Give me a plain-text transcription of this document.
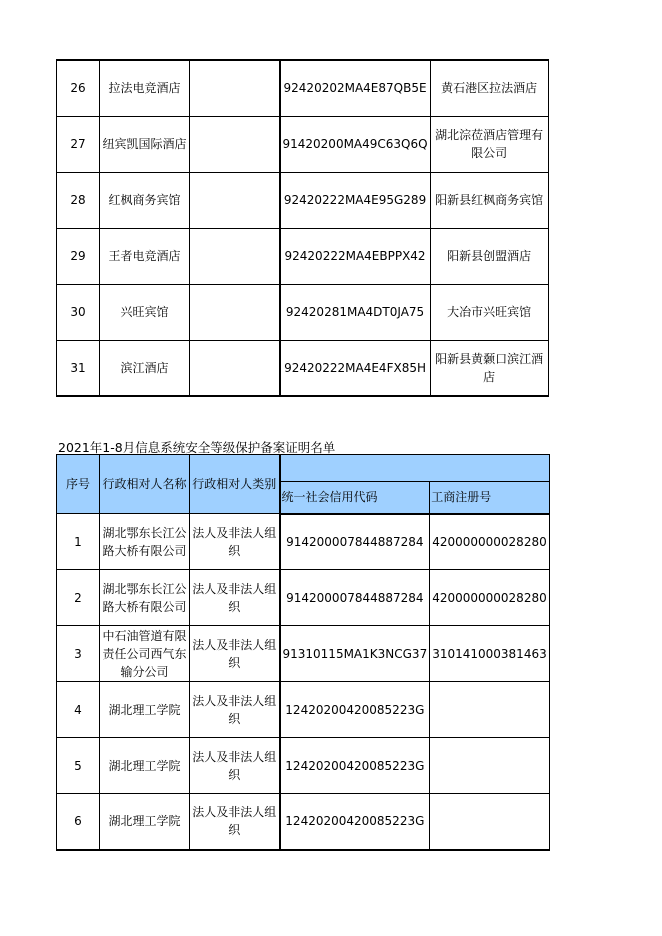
26	拉法电竞酒店		92420202MA4E87QB5E	黄石港区拉法酒店
27	纽宾凯国际酒店		91420200MA49C63Q6Q	湖北淙莅酒店管理有限公司
28	红枫商务宾馆		92420222MA4E95G289	阳新县红枫商务宾馆
29	王者电竞酒店		92420222MA4EBPPX42	阳新县创盟酒店
30	兴旺宾馆		92420281MA4DT0JA75	大冶市兴旺宾馆
31	滨江酒店		92420222MA4E4FX85H	阳新县黄颡口滨江酒店
2021年1-8月信息系统安全等级保护备案证明名单
序号	行政相对人名称	行政相对人类别		
			统一社会信用代码	工商注册号
1	湖北鄂东长江公路大桥有限公司	法人及非法人组织	914200007844887284	420000000028280
2	湖北鄂东长江公路大桥有限公司	法人及非法人组织	914200007844887284	420000000028280
3	中石油管道有限责任公司西气东输分公司	法人及非法人组织	91310115MA1K3NCG37	310141000381463
4	湖北理工学院	法人及非法人组织	12420200420085223G	
5	湖北理工学院	法人及非法人组织	12420200420085223G	
6	湖北理工学院	法人及非法人组织	12420200420085223G	
